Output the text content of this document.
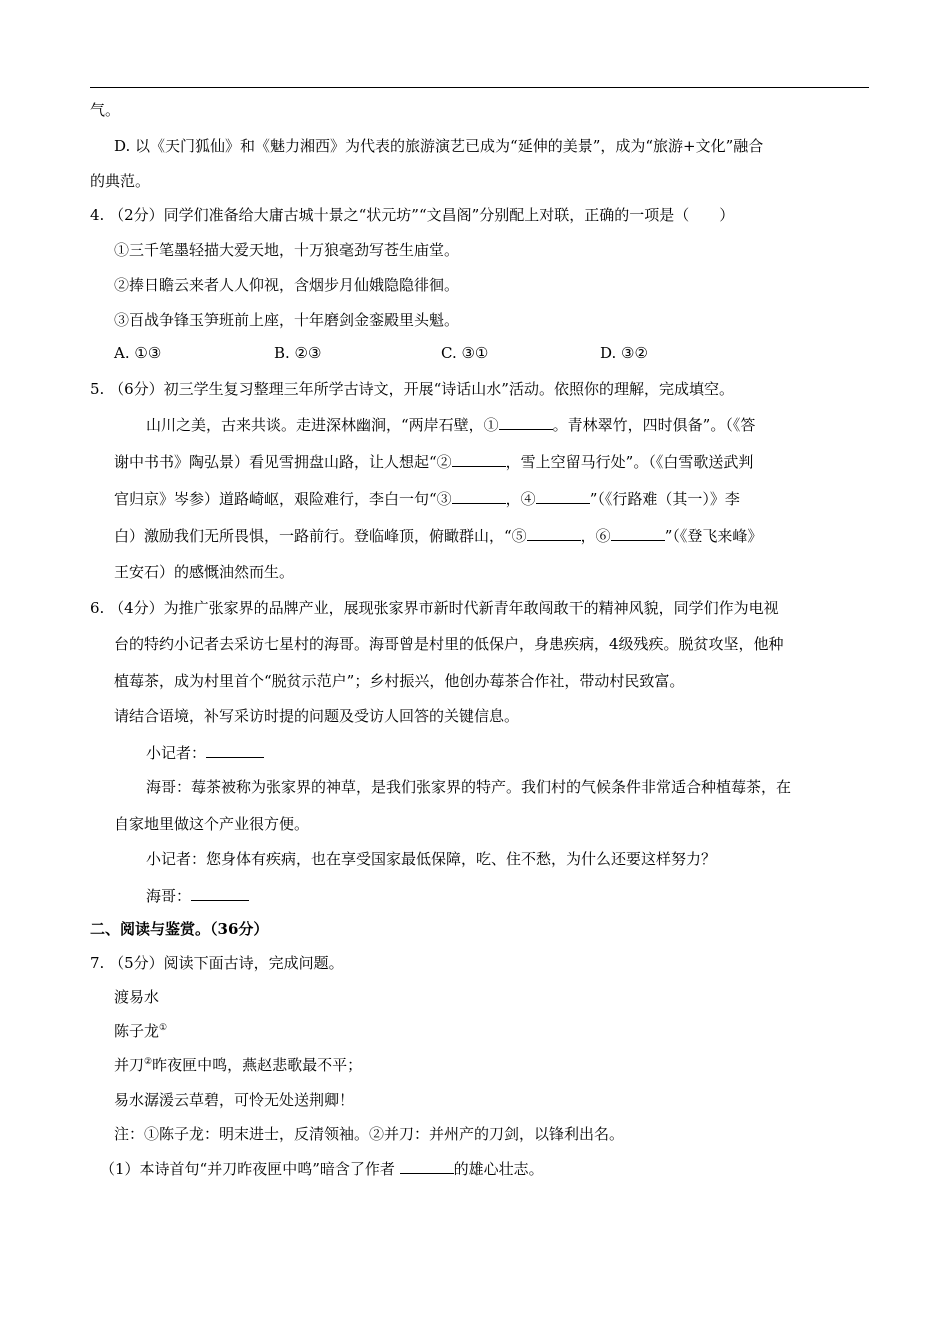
气。
D. 以《天门狐仙》和《魅力湘西》为代表的旅游演艺已成为“延伸的美景”，成为“旅游+文化”融合
的典范。
4. （2分）同学们准备给大庸古城十景之“状元坊”“文昌阁”分别配上对联，正确的一项是（　　）
①三千笔墨轻描大爱天地，十万狼毫劲写苍生庙堂。
②捧日瞻云来者人人仰视，含烟步月仙娥隐隐徘徊。
③百战争锋玉笋班前上座，十年磨剑金銮殿里头魁。
A. ①③	B. ②③	C. ③①	D. ③②
5. （6分）初三学生复习整理三年所学古诗文，开展“诗话山水”活动。依照你的理解，完成填空。
山川之美，古来共谈。走进深林幽涧，“两岸石壁，①	。青林翠竹，四时俱备”。（《答
谢中书书》陶弘景）看见雪拥盘山路，让人想起“②	，雪上空留马行处”。（《白雪歌送武判
官归京》岑参）道路崎岖，艰险难行，李白一句“③	，④	”（《行路难（其一）》李
白）激励我们无所畏惧，一路前行。登临峰顶，俯瞰群山，“⑤	，⑥	”（《登飞来峰》
王安石）的感慨油然而生。
6. （4分）为推广张家界的品牌产业，展现张家界市新时代新青年敢闯敢干的精神风貌，同学们作为电视
台的特约小记者去采访七星村的海哥。海哥曾是村里的低保户，身患疾病，4级残疾。脱贫攻坚，他种
植莓茶，成为村里首个“脱贫示范户”；乡村振兴，他创办莓茶合作社，带动村民致富。
请结合语境，补写采访时提的问题及受访人回答的关键信息。
小记者：
海哥：莓茶被称为张家界的神草，是我们张家界的特产。我们村的气候条件非常适合种植莓茶，在
自家地里做这个产业很方便。
小记者：您身体有疾病，也在享受国家最低保障，吃、住不愁，为什么还要这样努力？
海哥：
二、阅读与鉴赏。（36分）
7. （5分）阅读下面古诗，完成问题。
渡易水
陈子龙①
并刀②昨夜匣中鸣，燕赵悲歌最不平；
易水潺湲云草碧，可怜无处送荆卿！
注：①陈子龙：明末进士，反清领袖。②并刀：并州产的刀剑，以锋利出名。
（1）本诗首句“并刀昨夜匣中鸣”暗含了作者	的雄心壮志。
